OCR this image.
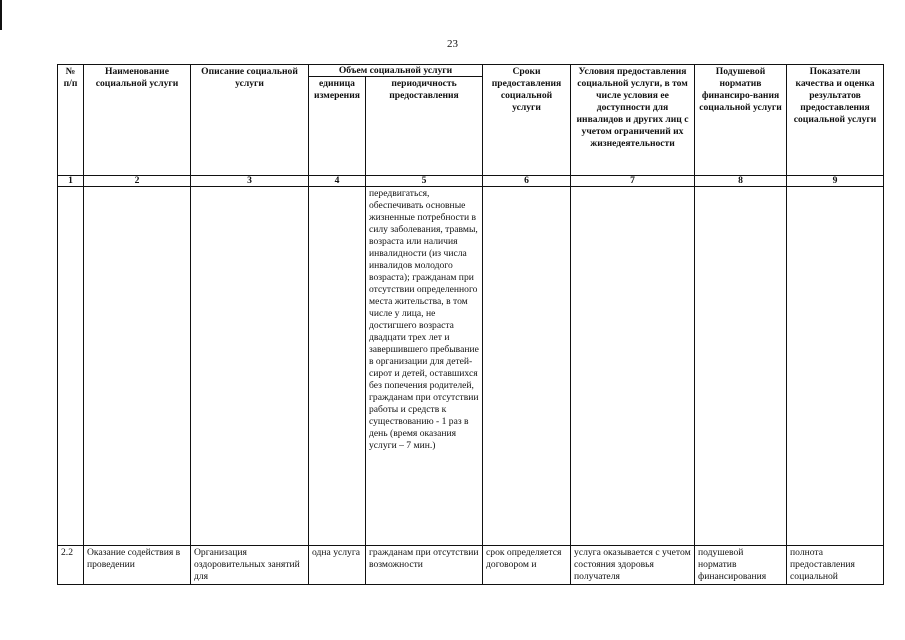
23
№ п/п	Наименование социальной услуги	Описание социальной услуги	Объем социальной услуги		Сроки предоставления социальной услуги	Условия предоставления социальной услуги, в том числе условия ее доступности для инвалидов и других лиц с учетом ограничений их жизнедеятельности	Подушевой норматив финансиро-вания социальной услуги	Показатели качества и оценка результатов предоставления социальной услуги
			единица измерения	периодичность предоставления				
1	2	3	4	5	6	7	8	9
				передвигаться, обеспечивать основные жизненные потребности в силу заболевания, травмы, возраста или наличия инвалидности (из числа инвалидов молодого возраста); гражданам при отсутствии определенного места жительства, в том числе у лица, не достигшего возраста двадцати трех лет и завершившего пребывание в организации для детей-сирот и детей, оставшихся без попечения родителей, гражданам при отсутствии работы и средств к существованию - 1 раз в день (время оказания услуги – 7 мин.)				
2.2	Оказание содействия в проведении	Организация оздоровительных занятий для	одна услуга	гражданам при отсутствии возможности	срок определяется договором и	услуга оказывается с учетом состояния здоровья получателя	подушевой норматив финансирования	полнота предоставления социальной
